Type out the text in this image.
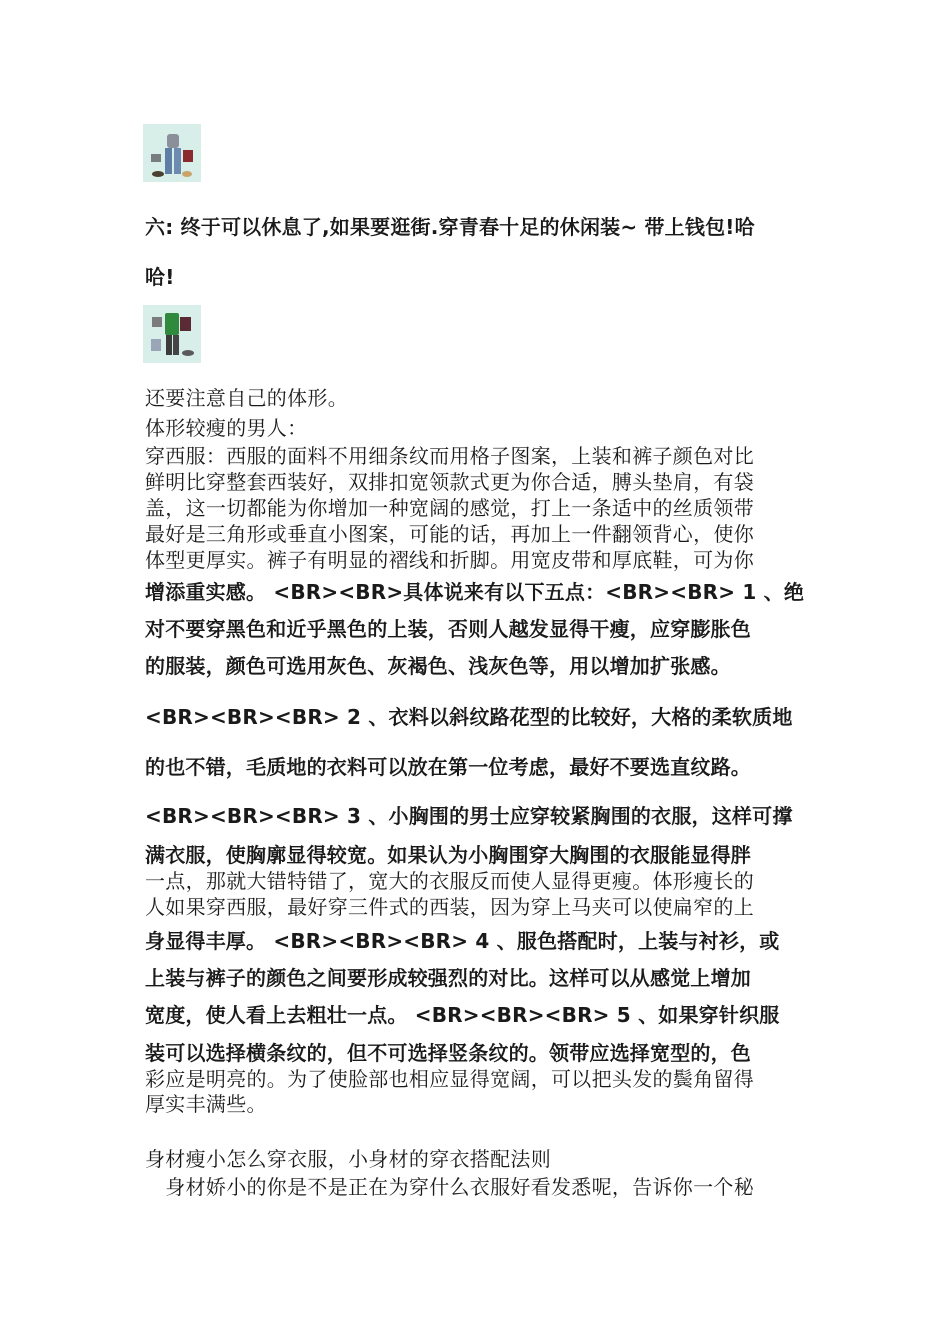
六: 终于可以休息了,如果要逛街.穿青春十足的休闲装~ 带上钱包!哈
哈!
还要注意自己的体形。
体形较瘦的男人：
穿西服：西服的面料不用细条纹而用格子图案，上装和裤子颜色对比
鲜明比穿整套西装好，双排扣宽领款式更为你合适，膊头垫肩，有袋
盖，这一切都能为你增加一种宽阔的感觉，打上一条适中的丝质领带
最好是三角形或垂直小图案，可能的话，再加上一件翻领背心，使你
体型更厚实。裤子有明显的褶线和折脚。用宽皮带和厚底鞋，可为你
增添重实感。 <BR><BR>具体说来有以下五点：<BR><BR> 1 、绝
对不要穿黑色和近乎黑色的上装，否则人越发显得干瘦，应穿膨胀色
的服装，颜色可选用灰色、灰褐色、浅灰色等，用以增加扩张感。
<BR><BR><BR> 2 、衣料以斜纹路花型的比较好，大格的柔软质地
的也不错，毛质地的衣料可以放在第一位考虑，最好不要选直纹路。
<BR><BR><BR> 3 、小胸围的男士应穿较紧胸围的衣服，这样可撑
满衣服，使胸廓显得较宽。如果认为小胸围穿大胸围的衣服能显得胖
一点，那就大错特错了，宽大的衣服反而使人显得更瘦。体形瘦长的
人如果穿西服，最好穿三件式的西装，因为穿上马夹可以使扁窄的上
身显得丰厚。 <BR><BR><BR> 4 、服色搭配时，上装与衬衫，或
上装与裤子的颜色之间要形成较强烈的对比。这样可以从感觉上增加
宽度，使人看上去粗壮一点。 <BR><BR><BR> 5 、如果穿针织服
装可以选择横条纹的，但不可选择竖条纹的。领带应选择宽型的，色
彩应是明亮的。为了使脸部也相应显得宽阔，可以把头发的鬓角留得
厚实丰满些。
身材瘦小怎么穿衣服，小身材的穿衣搭配法则
　身材娇小的你是不是正在为穿什么衣服好看发悉呢，告诉你一个秘
